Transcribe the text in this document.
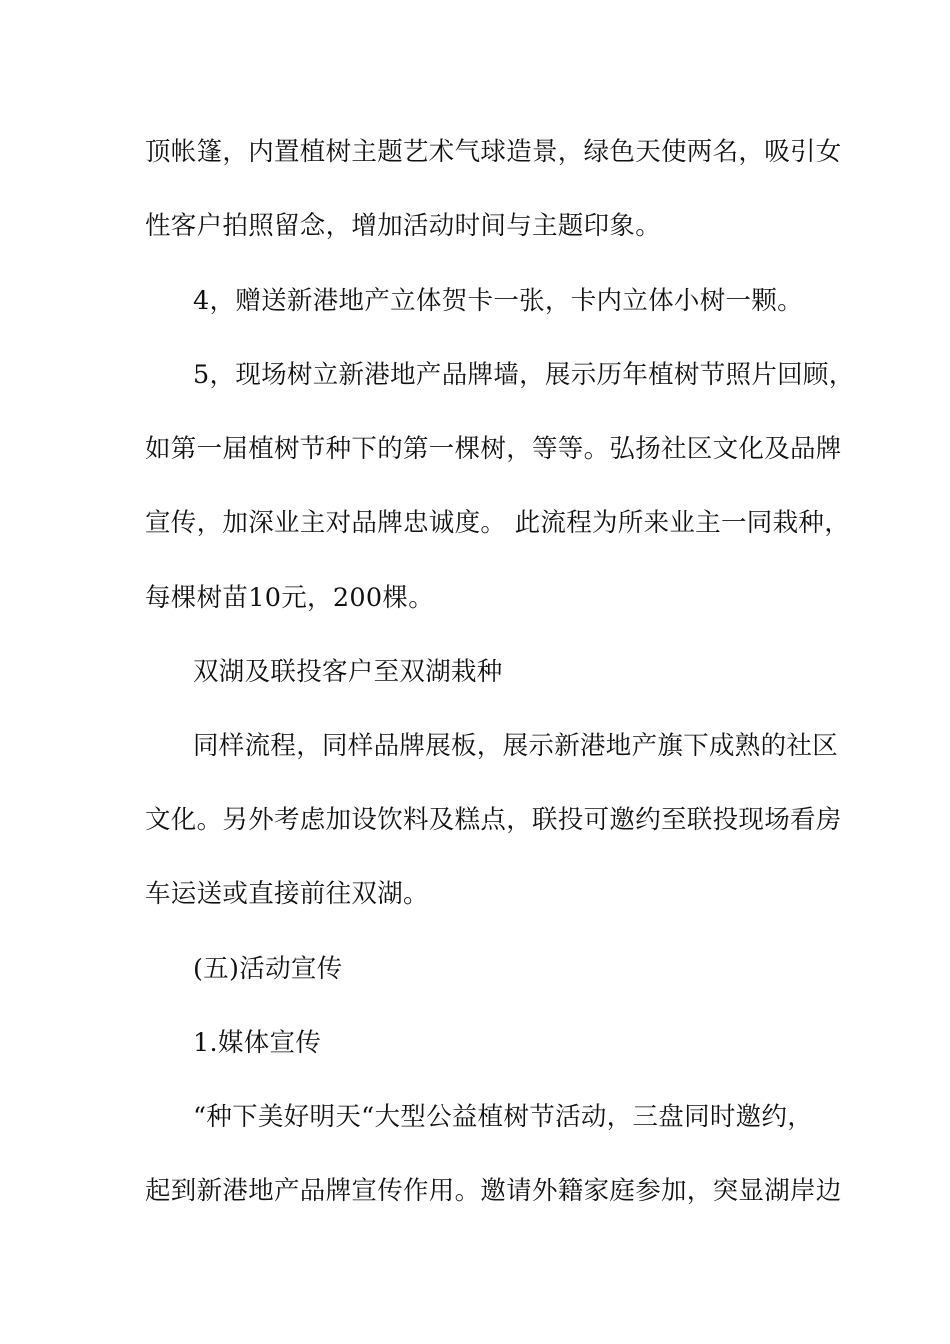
顶帐篷，内置植树主题艺术气球造景，绿色天使两名，吸引女
性客户拍照留念，增加活动时间与主题印象。
4，赠送新港地产立体贺卡一张，卡内立体小树一颗。
5，现场树立新港地产品牌墙，展示历年植树节照片回顾，
如第一届植树节种下的第一棵树，等等。弘扬社区文化及品牌
宣传，加深业主对品牌忠诚度。 此流程为所来业主一同栽种，
每棵树苗10元，200棵。
双湖及联投客户至双湖栽种
同样流程，同样品牌展板，展示新港地产旗下成熟的社区
文化。另外考虑加设饮料及糕点，联投可邀约至联投现场看房
车运送或直接前往双湖。
(五)活动宣传
1.媒体宣传
“种下美好明天“大型公益植树节活动，三盘同时邀约，
起到新港地产品牌宣传作用。邀请外籍家庭参加，突显湖岸边
